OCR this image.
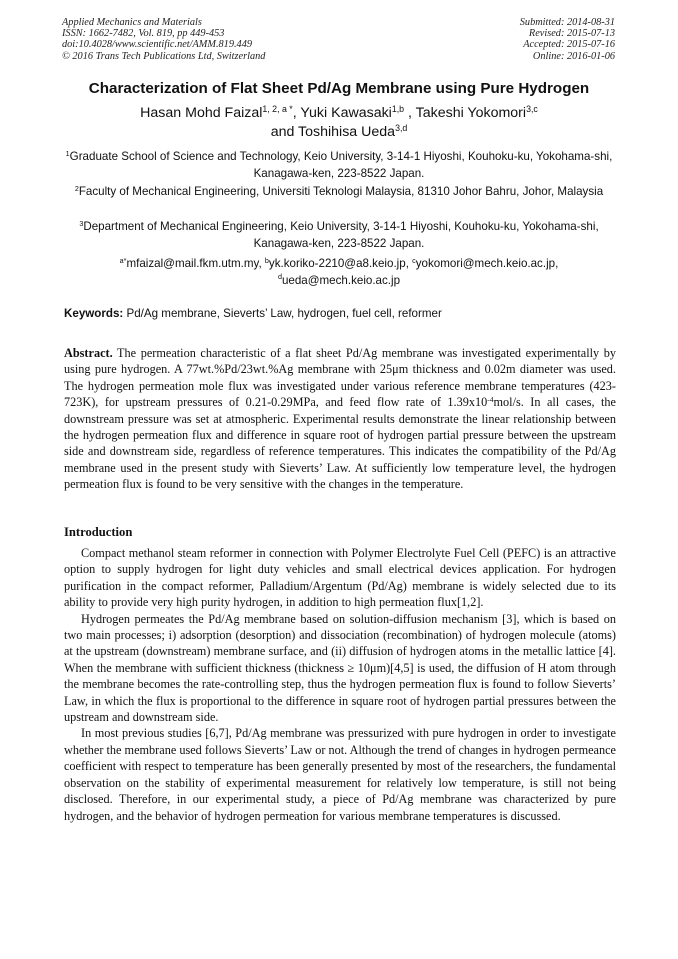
Applied Mechanics and Materials
ISSN: 1662-7482, Vol. 819, pp 449-453
doi:10.4028/www.scientific.net/AMM.819.449
© 2016 Trans Tech Publications Ltd, Switzerland
Submitted: 2014-08-31
Revised: 2015-07-13
Accepted: 2015-07-16
Online: 2016-01-06
Characterization of Flat Sheet Pd/Ag Membrane using Pure Hydrogen
Hasan Mohd Faizal$^{1, 2, a *}$, Yuki Kawasaki$^{1,b}$ , Takeshi Yokomori$^{3,c}$
and Toshihisa Ueda$^{3,d}$
$^1$Graduate School of Science and Technology, Keio University, 3-14-1 Hiyoshi, Kouhoku-ku, Yokohama-shi, Kanagawa-ken, 223-8522 Japan.
$^2$Faculty of Mechanical Engineering, Universiti Teknologi Malaysia, 81310 Johor Bahru, Johor, Malaysia
$^3$Department of Mechanical Engineering, Keio University, 3-14-1 Hiyoshi, Kouhoku-ku, Yokohama-shi, Kanagawa-ken, 223-8522 Japan.
$^{a*}$mfaizal@mail.fkm.utm.my, $^b$yk.koriko-2210@a8.keio.jp, $^c$yokomori@mech.keio.ac.jp,
$^d$ueda@mech.keio.ac.jp
Keywords: Pd/Ag membrane, Sieverts’ Law, hydrogen, fuel cell, reformer
Abstract. The permeation characteristic of a flat sheet Pd/Ag membrane was investigated experimentally by using pure hydrogen. A 77wt.%Pd/23wt.%Ag membrane with 25μm thickness and 0.02m diameter was used. The hydrogen permeation mole flux was investigated under various reference membrane temperatures (423-723K), for upstream pressures of 0.21-0.29MPa, and feed flow rate of $1.39x10^{-4}mol/s$. In all cases, the downstream pressure was set at atmospheric. Experimental results demonstrate the linear relationship between the hydrogen permeation flux and difference in square root of hydrogen partial pressure between the upstream side and downstream side, regardless of reference temperatures. This indicates the compatibility of the Pd/Ag membrane used in the present study with Sieverts’ Law. At sufficiently low temperature level, the hydrogen permeation flux is found to be very sensitive with the changes in the temperature.
Introduction

Compact methanol steam reformer in connection with Polymer Electrolyte Fuel Cell (PEFC) is an attractive option to supply hydrogen for light duty vehicles and small electrical devices application. For hydrogen purification in the compact reformer, Palladium/Argentum (Pd/Ag) membrane is widely selected due to its ability to provide very high purity hydrogen, in addition to high permeation flux[1,2].

Hydrogen permeates the Pd/Ag membrane based on solution-diffusion mechanism [3], which is based on two main processes; i) adsorption (desorption) and dissociation (recombination) of hydrogen molecule (atoms) at the upstream (downstream) membrane surface, and (ii) diffusion of hydrogen atoms in the metallic lattice [4]. When the membrane with sufficient thickness (thickness ≥ 10μm)[4,5] is used, the diffusion of H atom through the membrane becomes the rate-controlling step, thus the hydrogen permeation flux is found to follow Sieverts’ Law, in which the flux is proportional to the difference in square root of hydrogen partial pressures between the upstream and downstream side.

In most previous studies [6,7], Pd/Ag membrane was pressurized with pure hydrogen in order to investigate whether the membrane used follows Sieverts’ Law or not. Although the trend of changes in hydrogen permeance coefficient with respect to temperature has been generally presented by most of the researchers, the fundamental observation on the stability of experimental measurement for relatively low temperature, is still not being disclosed. Therefore, in our experimental study, a piece of Pd/Ag membrane was characterized by pure hydrogen, and the behavior of hydrogen permeation for various membrane temperatures is discussed.
